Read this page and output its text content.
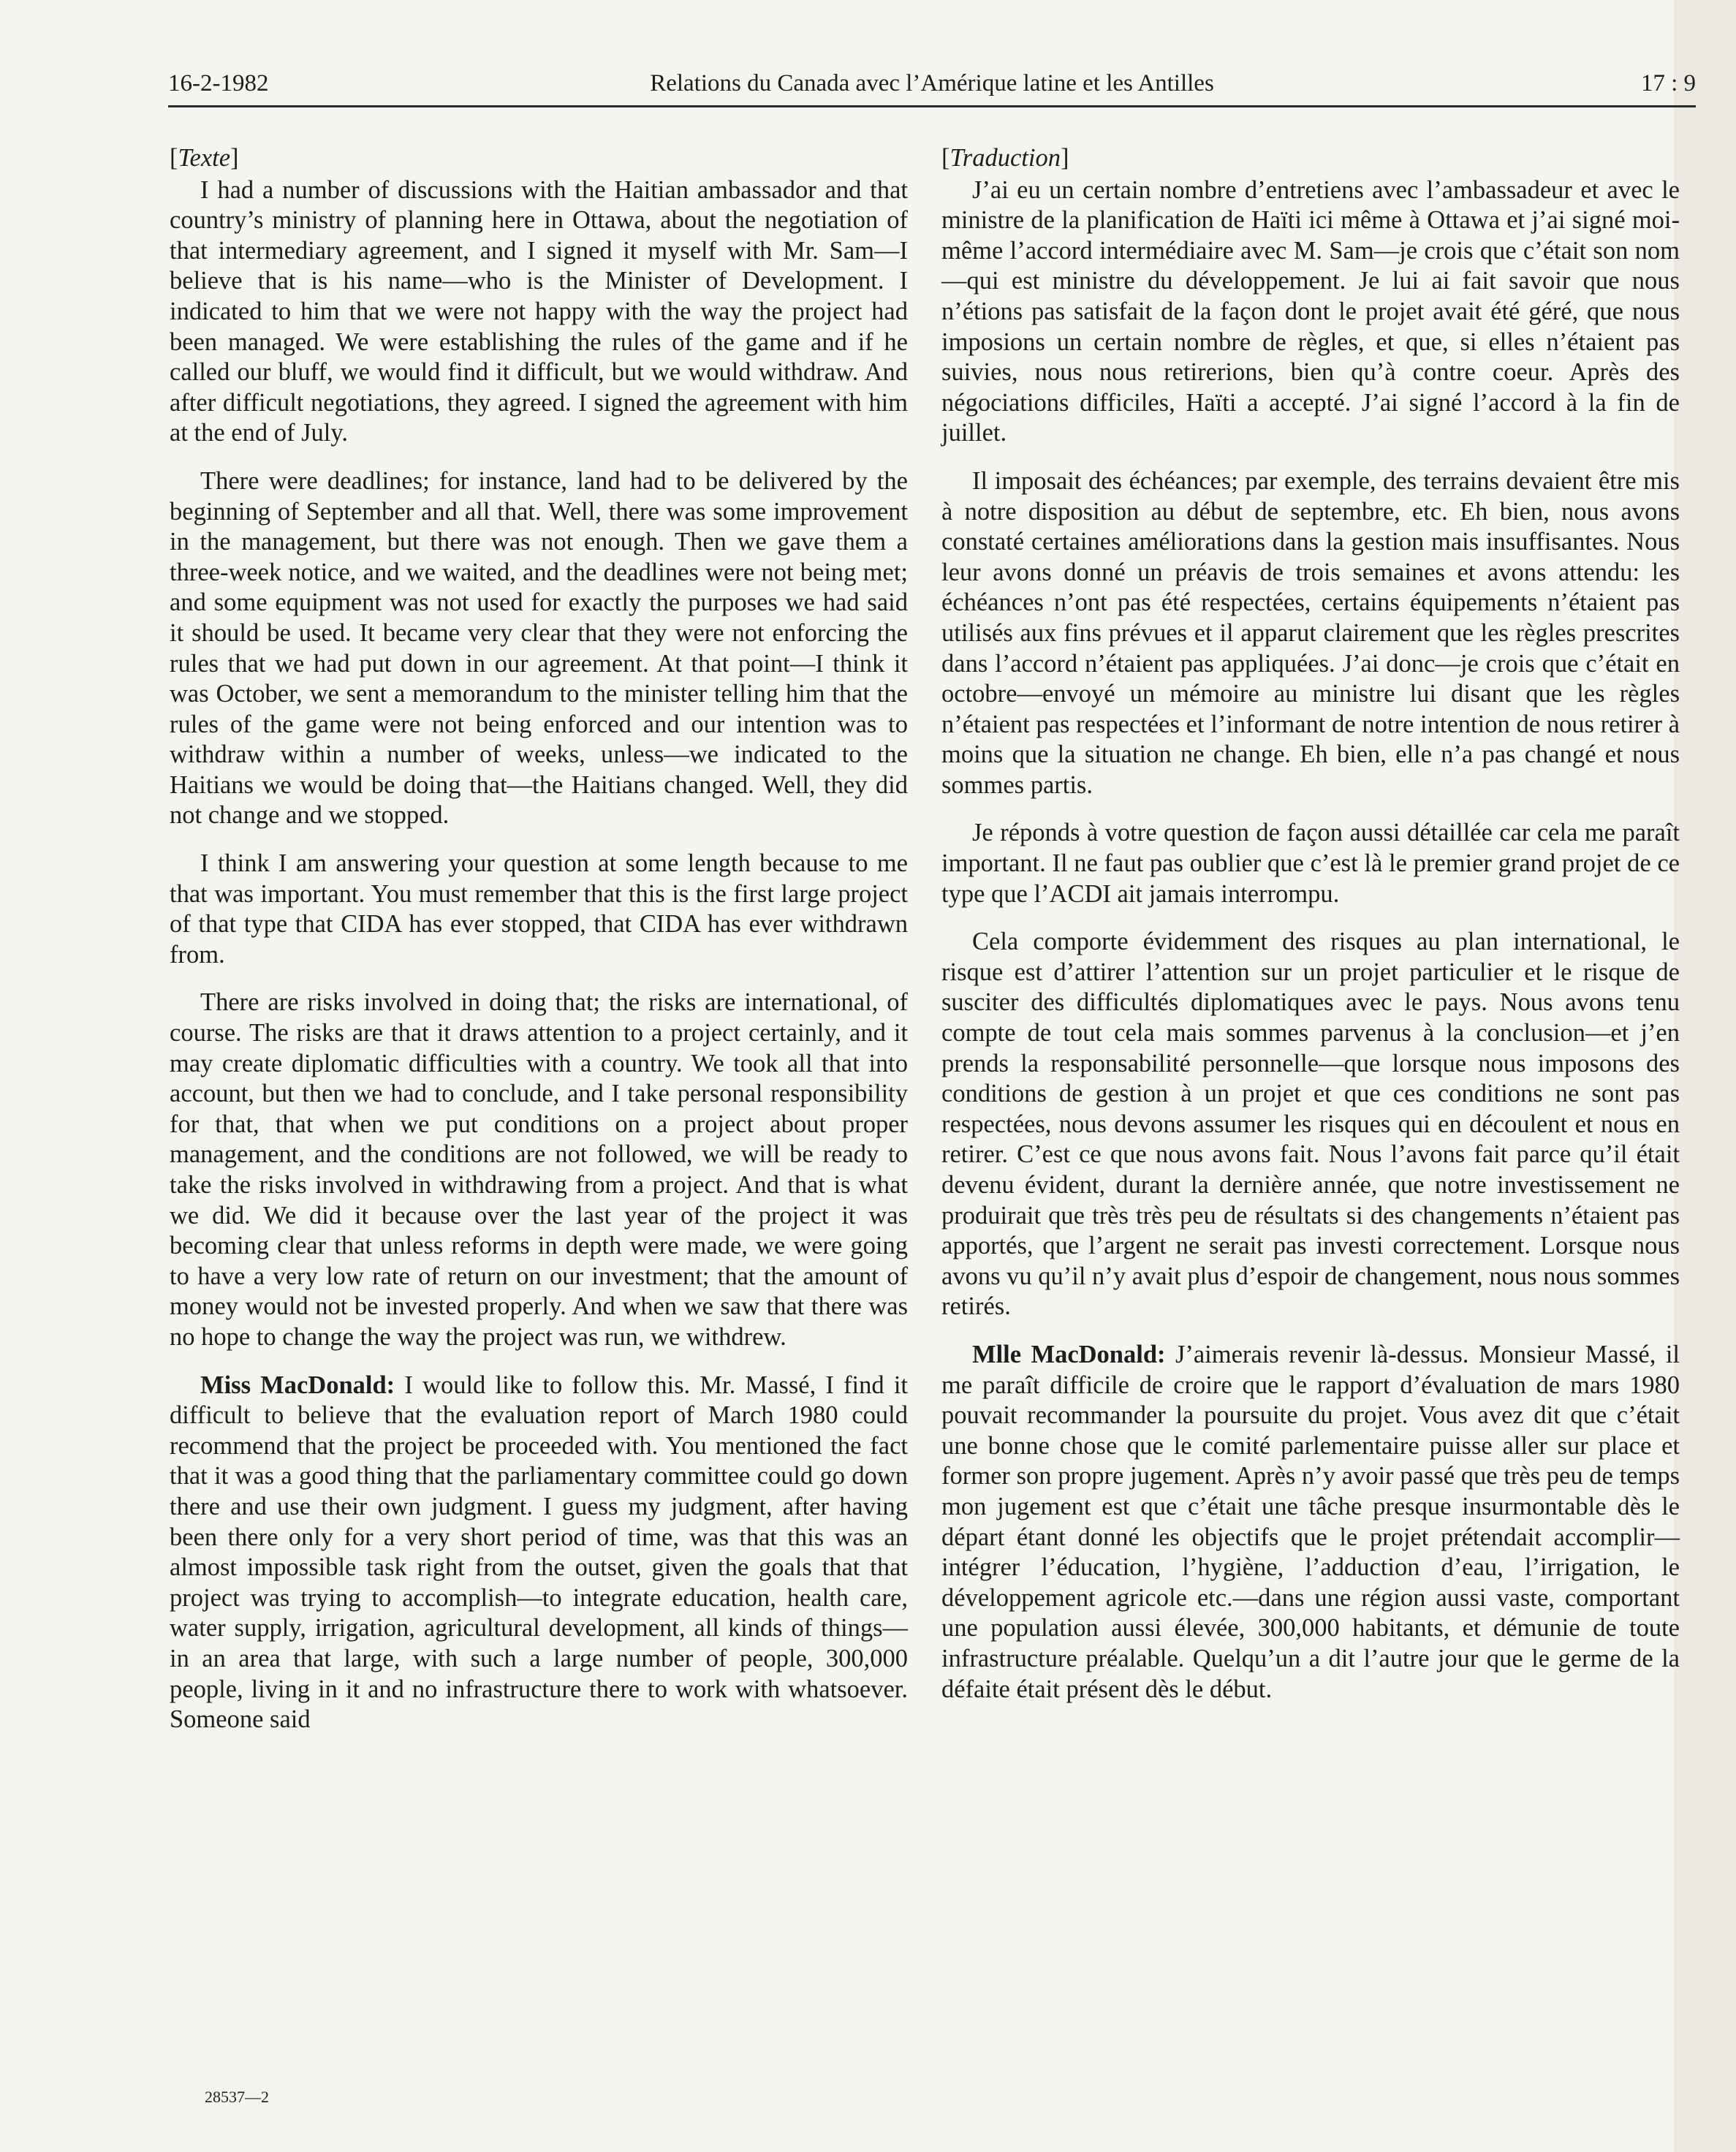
16-2-1982	Relations du Canada avec l’Amérique latine et les Antilles	17 : 9
[Texte]

I had a number of discussions with the Haitian ambassador and that country’s ministry of planning here in Ottawa, about the negotiation of that intermediary agreement, and I signed it myself with Mr. Sam—I believe that is his name—who is the Minister of Development. I indicated to him that we were not happy with the way the project had been managed. We were establishing the rules of the game and if he called our bluff, we would find it difficult, but we would withdraw. And after difficult negotiations, they agreed. I signed the agreement with him at the end of July.

There were deadlines; for instance, land had to be delivered by the beginning of September and all that. Well, there was some improvement in the management, but there was not enough. Then we gave them a three-week notice, and we waited, and the deadlines were not being met; and some equipment was not used for exactly the purposes we had said it should be used. It became very clear that they were not enforcing the rules that we had put down in our agreement. At that point—I think it was October, we sent a memorandum to the minister telling him that the rules of the game were not being enforced and our intention was to withdraw within a number of weeks, unless—we indicated to the Haitians we would be doing that—the Haitians changed. Well, they did not change and we stopped.

I think I am answering your question at some length because to me that was important. You must remember that this is the first large project of that type that CIDA has ever stopped, that CIDA has ever withdrawn from.

There are risks involved in doing that; the risks are international, of course. The risks are that it draws attention to a project certainly, and it may create diplomatic difficulties with a country. We took all that into account, but then we had to conclude, and I take personal responsibility for that, that when we put conditions on a project about proper management, and the conditions are not followed, we will be ready to take the risks involved in withdrawing from a project. And that is what we did. We did it because over the last year of the project it was becoming clear that unless reforms in depth were made, we were going to have a very low rate of return on our investment; that the amount of money would not be invested properly. And when we saw that there was no hope to change the way the project was run, we withdrew.

Miss MacDonald: I would like to follow this. Mr. Massé, I find it difficult to believe that the evaluation report of March 1980 could recommend that the project be proceeded with. You mentioned the fact that it was a good thing that the parliamentary committee could go down there and use their own judgment. I guess my judgment, after having been there only for a very short period of time, was that this was an almost impossible task right from the outset, given the goals that that project was trying to accomplish—to integrate education, health care, water supply, irrigation, agricultural development, all kinds of things—in an area that large, with such a large number of people, 300,000 people, living in it and no infrastructure there to work with whatsoever. Someone said

[Traduction]

J’ai eu un certain nombre d’entretiens avec l’ambassadeur et avec le ministre de la planification de Haïti ici même à Ottawa et j’ai signé moi-même l’accord intermédiaire avec M. Sam—je crois que c’était son nom—qui est ministre du développement. Je lui ai fait savoir que nous n’étions pas satisfait de la façon dont le projet avait été géré, que nous imposions un certain nombre de règles, et que, si elles n’étaient pas suivies, nous nous retirerions, bien qu’à contre coeur. Après des négociations difficiles, Haïti a accepté. J’ai signé l’accord à la fin de juillet.

Il imposait des échéances; par exemple, des terrains devaient être mis à notre disposition au début de septembre, etc. Eh bien, nous avons constaté certaines améliorations dans la gestion mais insuffisantes. Nous leur avons donné un préavis de trois semaines et avons attendu: les échéances n’ont pas été respectées, certains équipements n’étaient pas utilisés aux fins prévues et il apparut clairement que les règles prescrites dans l’accord n’étaient pas appliquées. J’ai donc—je crois que c’était en octobre—envoyé un mémoire au ministre lui disant que les règles n’étaient pas respectées et l’informant de notre intention de nous retirer à moins que la situation ne change. Eh bien, elle n’a pas changé et nous sommes partis.

Je réponds à votre question de façon aussi détaillée car cela me paraît important. Il ne faut pas oublier que c’est là le premier grand projet de ce type que l’ACDI ait jamais interrompu.

Cela comporte évidemment des risques au plan international, le risque est d’attirer l’attention sur un projet particulier et le risque de susciter des difficultés diplomatiques avec le pays. Nous avons tenu compte de tout cela mais sommes parvenus à la conclusion—et j’en prends la responsabilité personnelle—que lorsque nous imposons des conditions de gestion à un projet et que ces conditions ne sont pas respectées, nous devons assumer les risques qui en découlent et nous en retirer. C’est ce que nous avons fait. Nous l’avons fait parce qu’il était devenu évident, durant la dernière année, que notre investissement ne produirait que très très peu de résultats si des changements n’étaient pas apportés, que l’argent ne serait pas investi correctement. Lorsque nous avons vu qu’il n’y avait plus d’espoir de changement, nous nous sommes retirés.

Mlle MacDonald: J’aimerais revenir là-dessus. Monsieur Massé, il me paraît difficile de croire que le rapport d’évaluation de mars 1980 pouvait recommander la poursuite du projet. Vous avez dit que c’était une bonne chose que le comité parlementaire puisse aller sur place et former son propre jugement. Après n’y avoir passé que très peu de temps mon jugement est que c’était une tâche presque insurmontable dès le départ étant donné les objectifs que le projet prétendait accomplir—intégrer l’éducation, l’hygiène, l’adduction d’eau, l’irrigation, le développement agricole etc.—dans une région aussi vaste, comportant une population aussi élevée, 300,000 habitants, et démunie de toute infrastructure préalable. Quelqu’un a dit l’autre jour que le germe de la défaite était présent dès le début.

28537—2
